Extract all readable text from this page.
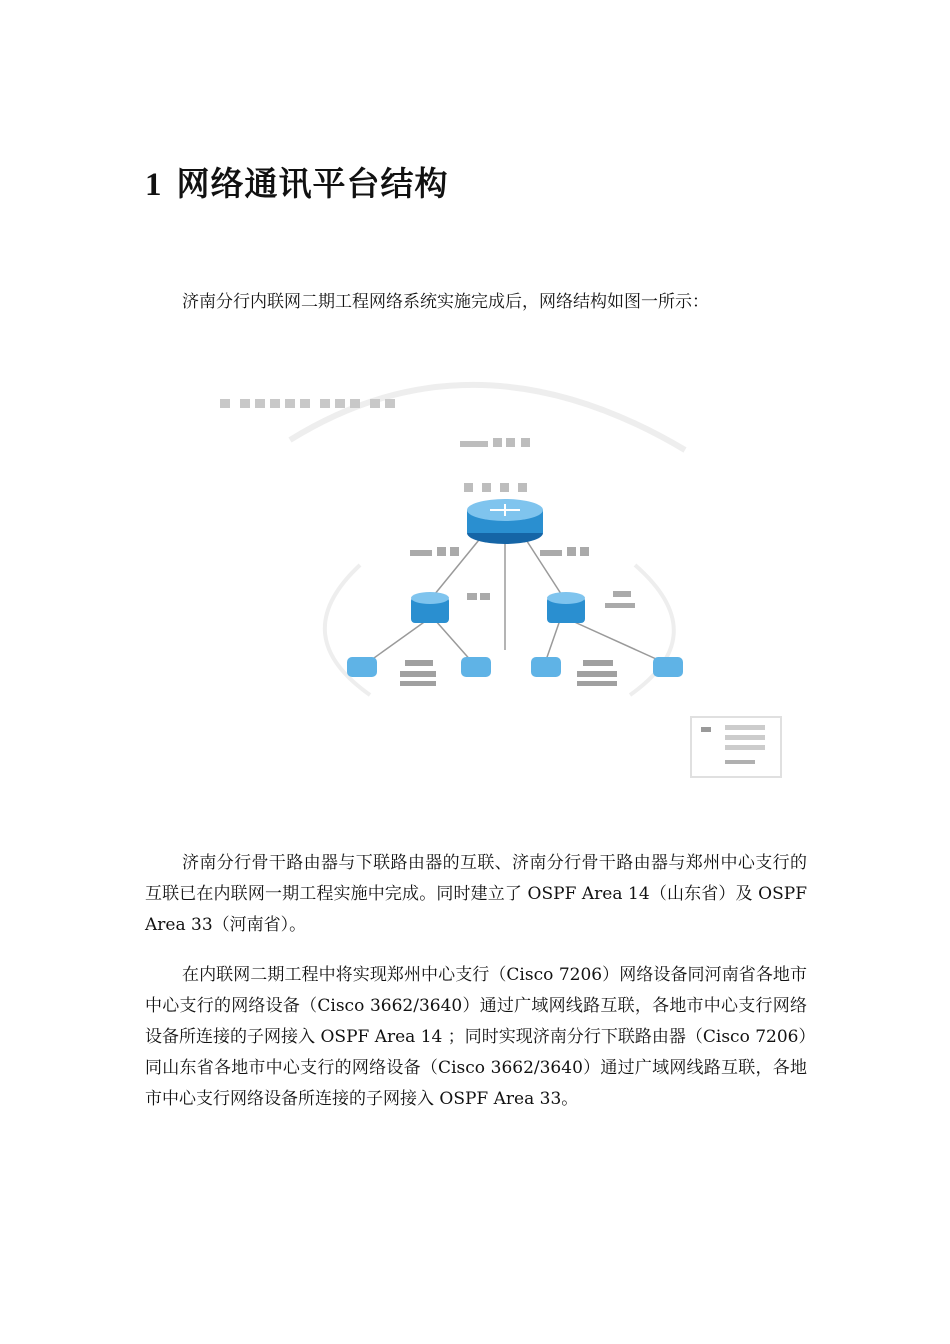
1 网络通讯平台结构

济南分行内联网二期工程网络系统实施完成后，网络结构如图一所示：

济南分行骨干路由器与下联路由器的互联、济南分行骨干路由器与郑州中心支行的互联已在内联网一期工程实施中完成。同时建立了 OSPF Area 14（山东省）及 OSPF Area 33（河南省）。

在内联网二期工程中将实现郑州中心支行（Cisco 7206）网络设备同河南省各地市中心支行的网络设备（Cisco 3662/3640）通过广域网线路互联，各地市中心支行网络设备所连接的子网接入 OSPF Area 14 ；同时实现济南分行下联路由器（Cisco 7206）同山东省各地市中心支行的网络设备（Cisco 3662/3640）通过广域网线路互联，各地市中心支行网络设备所连接的子网接入 OSPF Area 33。
